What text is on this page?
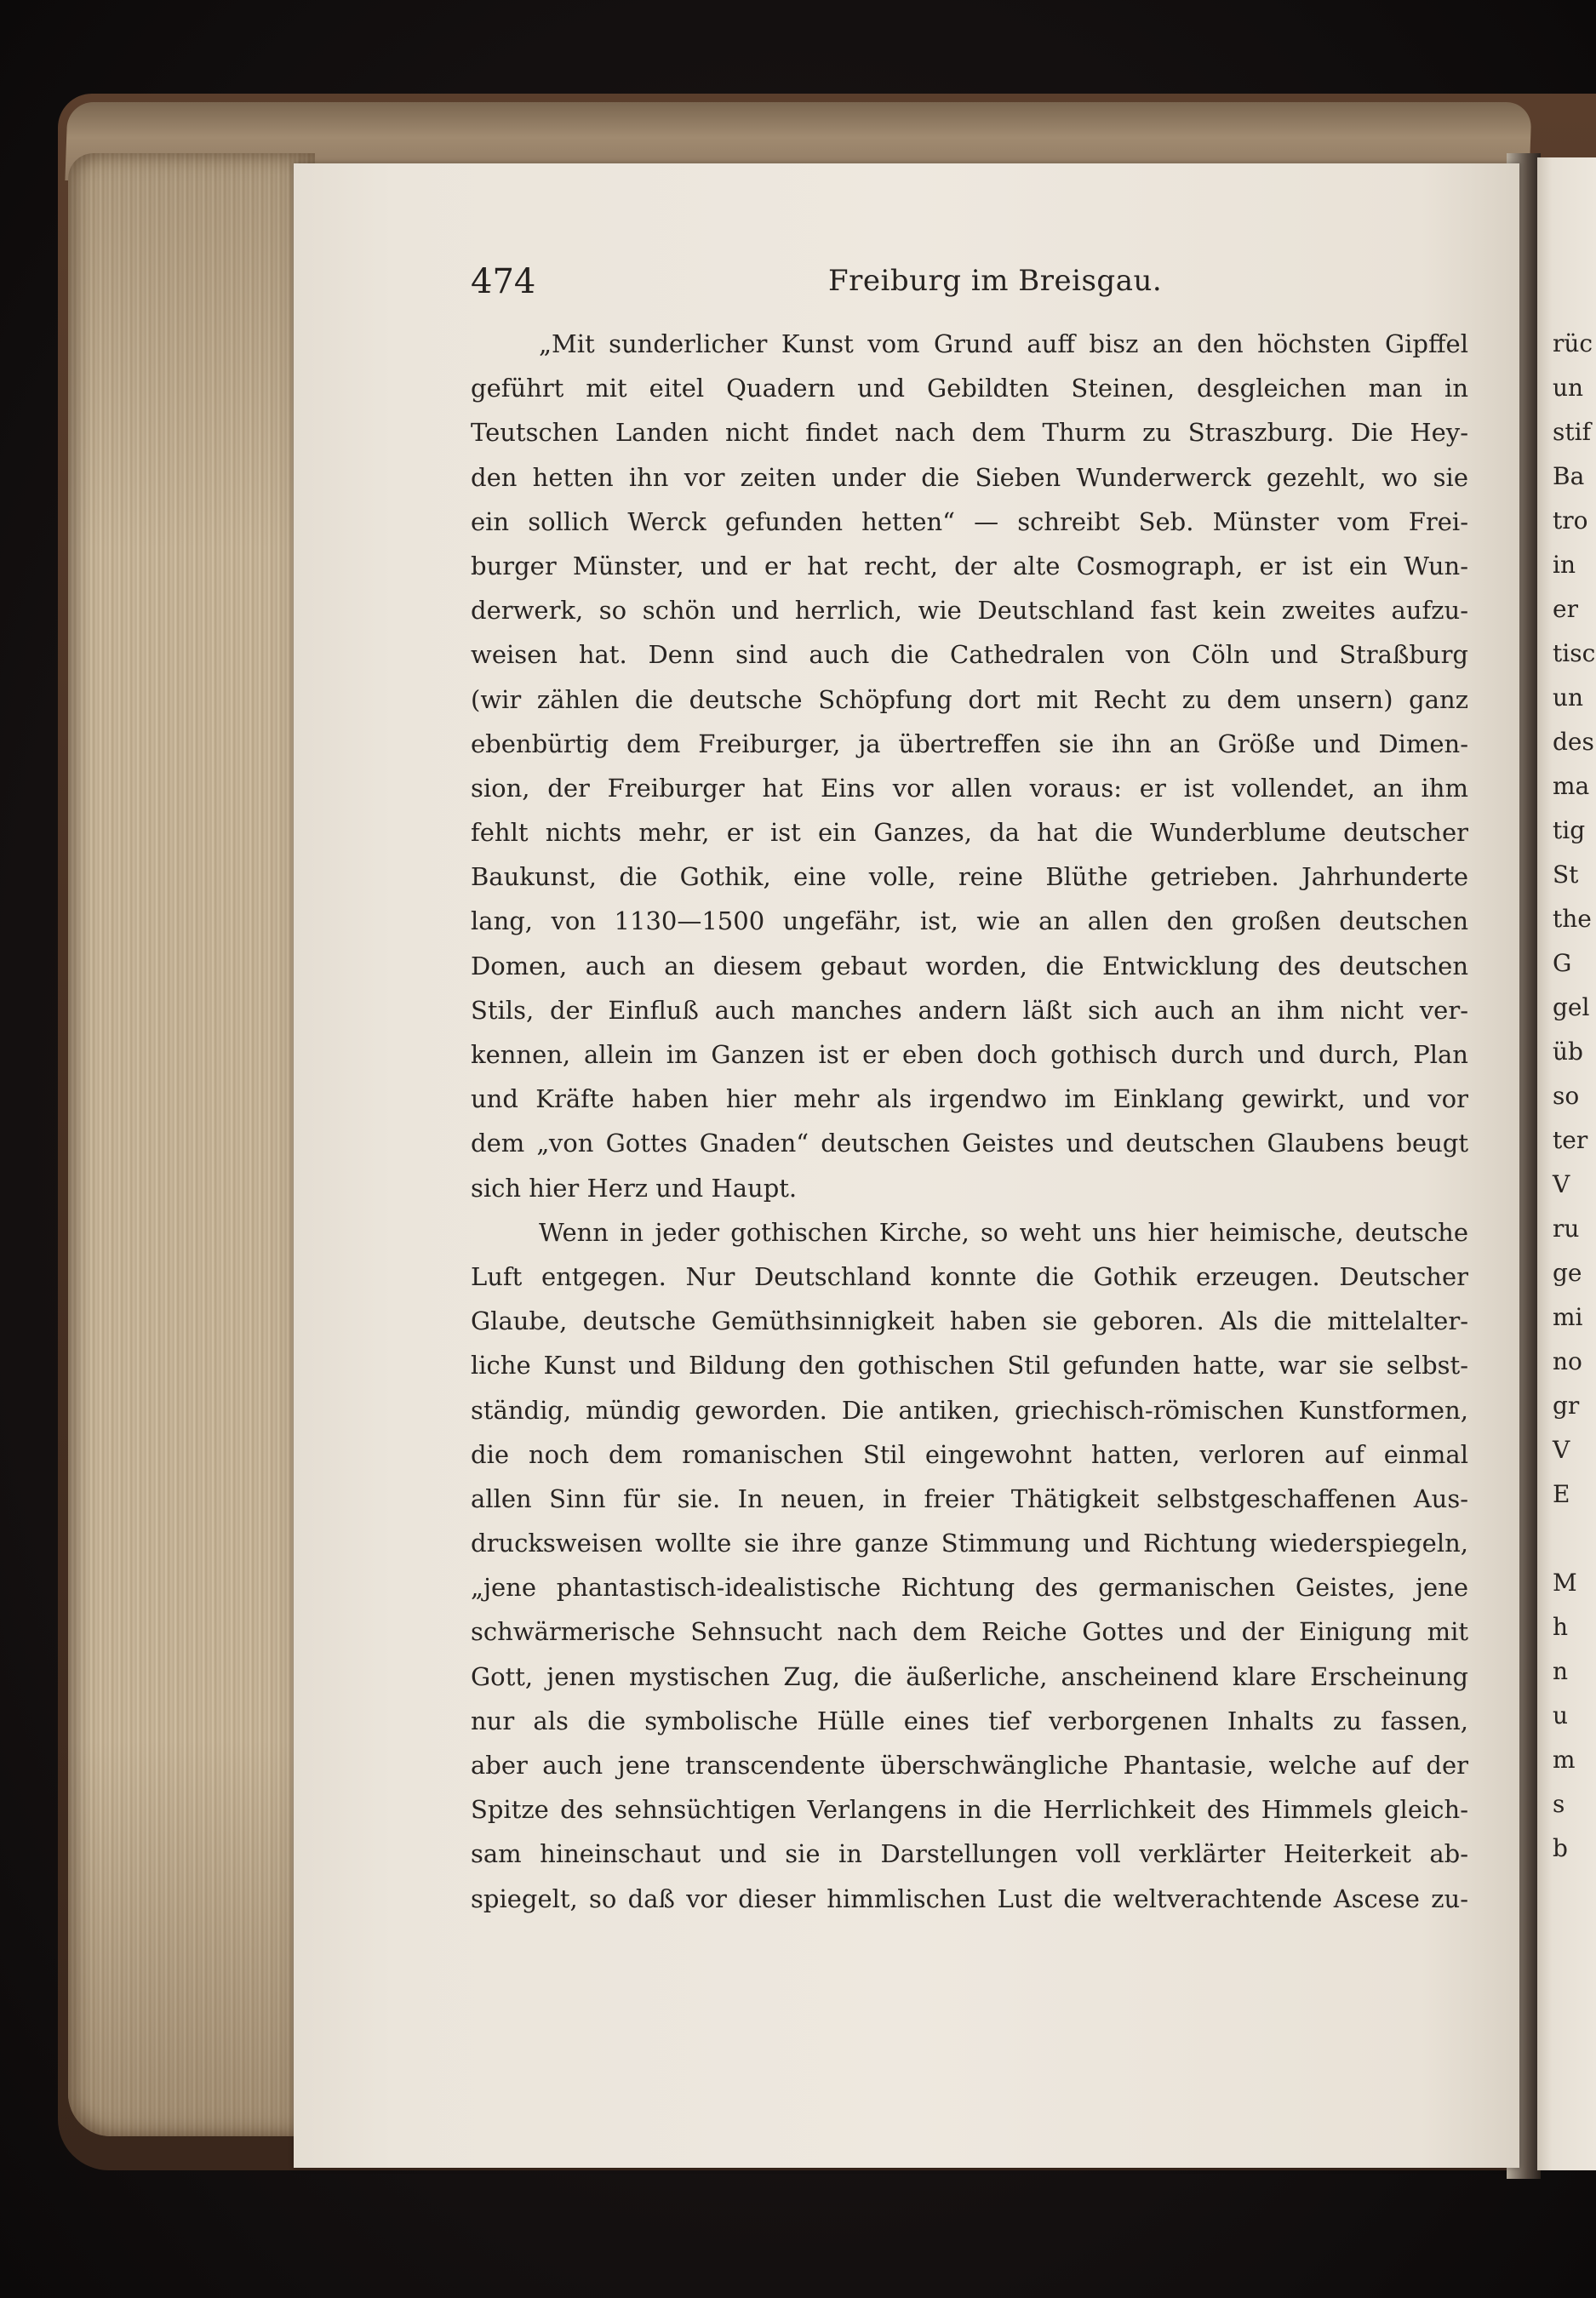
rüc
un
stif
Ba
tro
in
er
tisc
un
des
ma
tig
St
the
G
gel
üb
so
ter
V
ru
ge
mi
no
gr
V
E
M
h
n
u
m
s
b
474	Freiburg im Breisgau.
„Mit sunderlicher Kunst vom Grund auff bisz an den höchsten Gipffel
geführt mit eitel Quadern und Gebildten Steinen, desgleichen man in
Teutschen Landen nicht findet nach dem Thurm zu Straszburg. Die Hey-
den hetten ihn vor zeiten under die Sieben Wunderwerck gezehlt, wo sie
ein sollich Werck gefunden hetten“ — schreibt Seb. Münster vom Frei-
burger Münster, und er hat recht, der alte Cosmograph, er ist ein Wun-
derwerk, so schön und herrlich, wie Deutschland fast kein zweites aufzu-
weisen hat. Denn sind auch die Cathedralen von Cöln und Straßburg
(wir zählen die deutsche Schöpfung dort mit Recht zu dem unsern) ganz
ebenbürtig dem Freiburger, ja übertreffen sie ihn an Größe und Dimen-
sion, der Freiburger hat Eins vor allen voraus: er ist vollendet, an ihm
fehlt nichts mehr, er ist ein Ganzes, da hat die Wunderblume deutscher
Baukunst, die Gothik, eine volle, reine Blüthe getrieben. Jahrhunderte
lang, von 1130—1500 ungefähr, ist, wie an allen den großen deutschen
Domen, auch an diesem gebaut worden, die Entwicklung des deutschen
Stils, der Einfluß auch manches andern läßt sich auch an ihm nicht ver-
kennen, allein im Ganzen ist er eben doch gothisch durch und durch, Plan
und Kräfte haben hier mehr als irgendwo im Einklang gewirkt, und vor
dem „von Gottes Gnaden“ deutschen Geistes und deutschen Glaubens beugt
sich hier Herz und Haupt.
Wenn in jeder gothischen Kirche, so weht uns hier heimische, deutsche
Luft entgegen. Nur Deutschland konnte die Gothik erzeugen. Deutscher
Glaube, deutsche Gemüthsinnigkeit haben sie geboren. Als die mittelalter-
liche Kunst und Bildung den gothischen Stil gefunden hatte, war sie selbst-
ständig, mündig geworden. Die antiken, griechisch-römischen Kunstformen,
die noch dem romanischen Stil eingewohnt hatten, verloren auf einmal
allen Sinn für sie. In neuen, in freier Thätigkeit selbstgeschaffenen Aus-
drucksweisen wollte sie ihre ganze Stimmung und Richtung wiederspiegeln,
„jene phantastisch-idealistische Richtung des germanischen Geistes, jene
schwärmerische Sehnsucht nach dem Reiche Gottes und der Einigung mit
Gott, jenen mystischen Zug, die äußerliche, anscheinend klare Erscheinung
nur als die symbolische Hülle eines tief verborgenen Inhalts zu fassen,
aber auch jene transcendente überschwängliche Phantasie, welche auf der
Spitze des sehnsüchtigen Verlangens in die Herrlichkeit des Himmels gleich-
sam hineinschaut und sie in Darstellungen voll verklärter Heiterkeit ab-
spiegelt, so daß vor dieser himmlischen Lust die weltverachtende Ascese zu-
